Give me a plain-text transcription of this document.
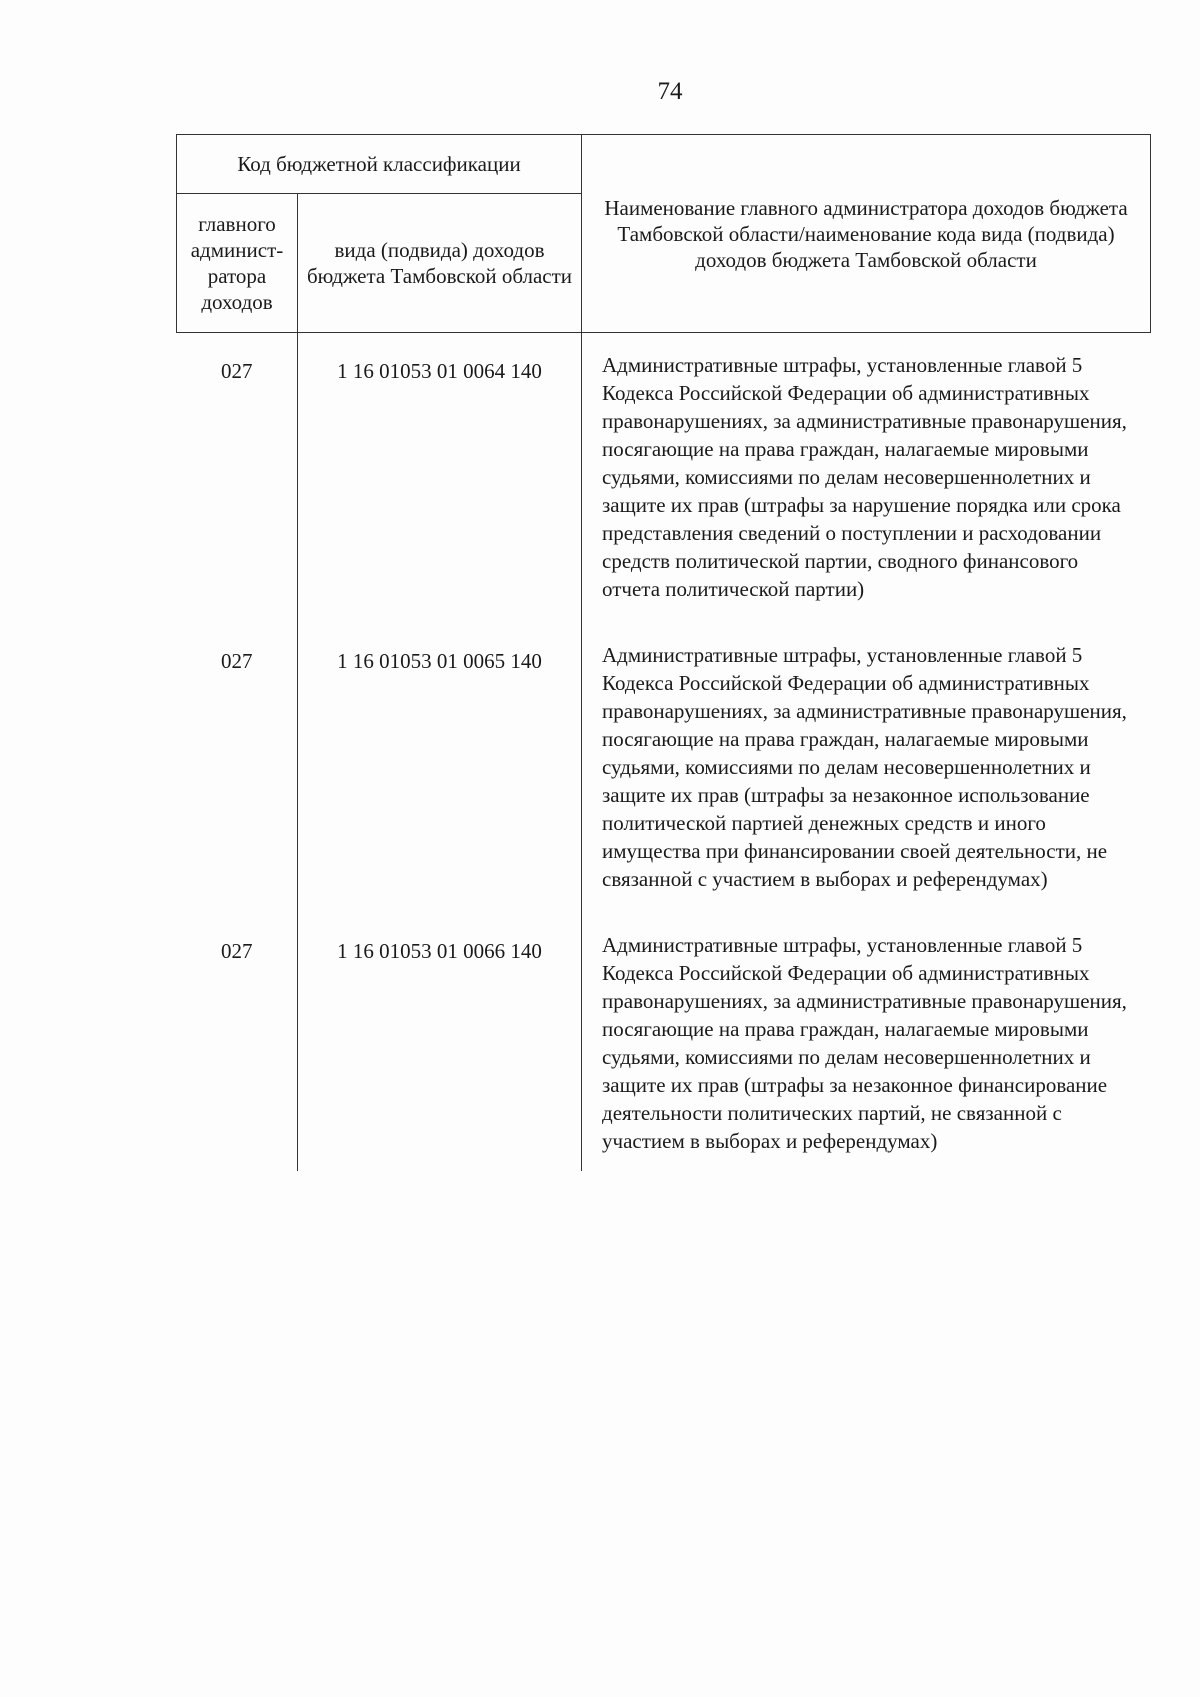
74
Код бюджетной классификации		Наименование главного администратора доходов бюджета Тамбовской области/наименование кода вида (подвида) доходов бюджета Тамбовской области
главного админист-ратора доходов	вида (подвида) доходов бюджета Тамбовской области	
027	1 16 01053 01 0064 140	Административные штрафы, установленные главой 5 Кодекса Российской Федерации об административных правонарушениях, за административные правонарушения, посягающие на права граждан, налагаемые мировыми судьями, комиссиями по делам несовершеннолетних и защите их прав (штрафы за нарушение порядка или срока представления сведений о поступлении и расходовании средств политической партии, сводного финансового отчета политической партии)
027	1 16 01053 01 0065 140	Административные штрафы, установленные главой 5 Кодекса Российской Федерации об административных правонарушениях, за административные правонарушения, посягающие на права граждан, налагаемые мировыми судьями, комиссиями по делам несовершеннолетних и защите их прав (штрафы за незаконное использование политической партией денежных средств и иного имущества при финансировании своей деятельности, не связанной с участием в выборах и референдумах)
027	1 16 01053 01 0066 140	Административные штрафы, установленные главой 5 Кодекса Российской Федерации об административных правонарушениях, за административные правонарушения, посягающие на права граждан, налагаемые мировыми судьями, комиссиями по делам несовершеннолетних и защите их прав (штрафы за незаконное финансирование деятельности политических партий, не связанной с участием в выборах и референдумах)
